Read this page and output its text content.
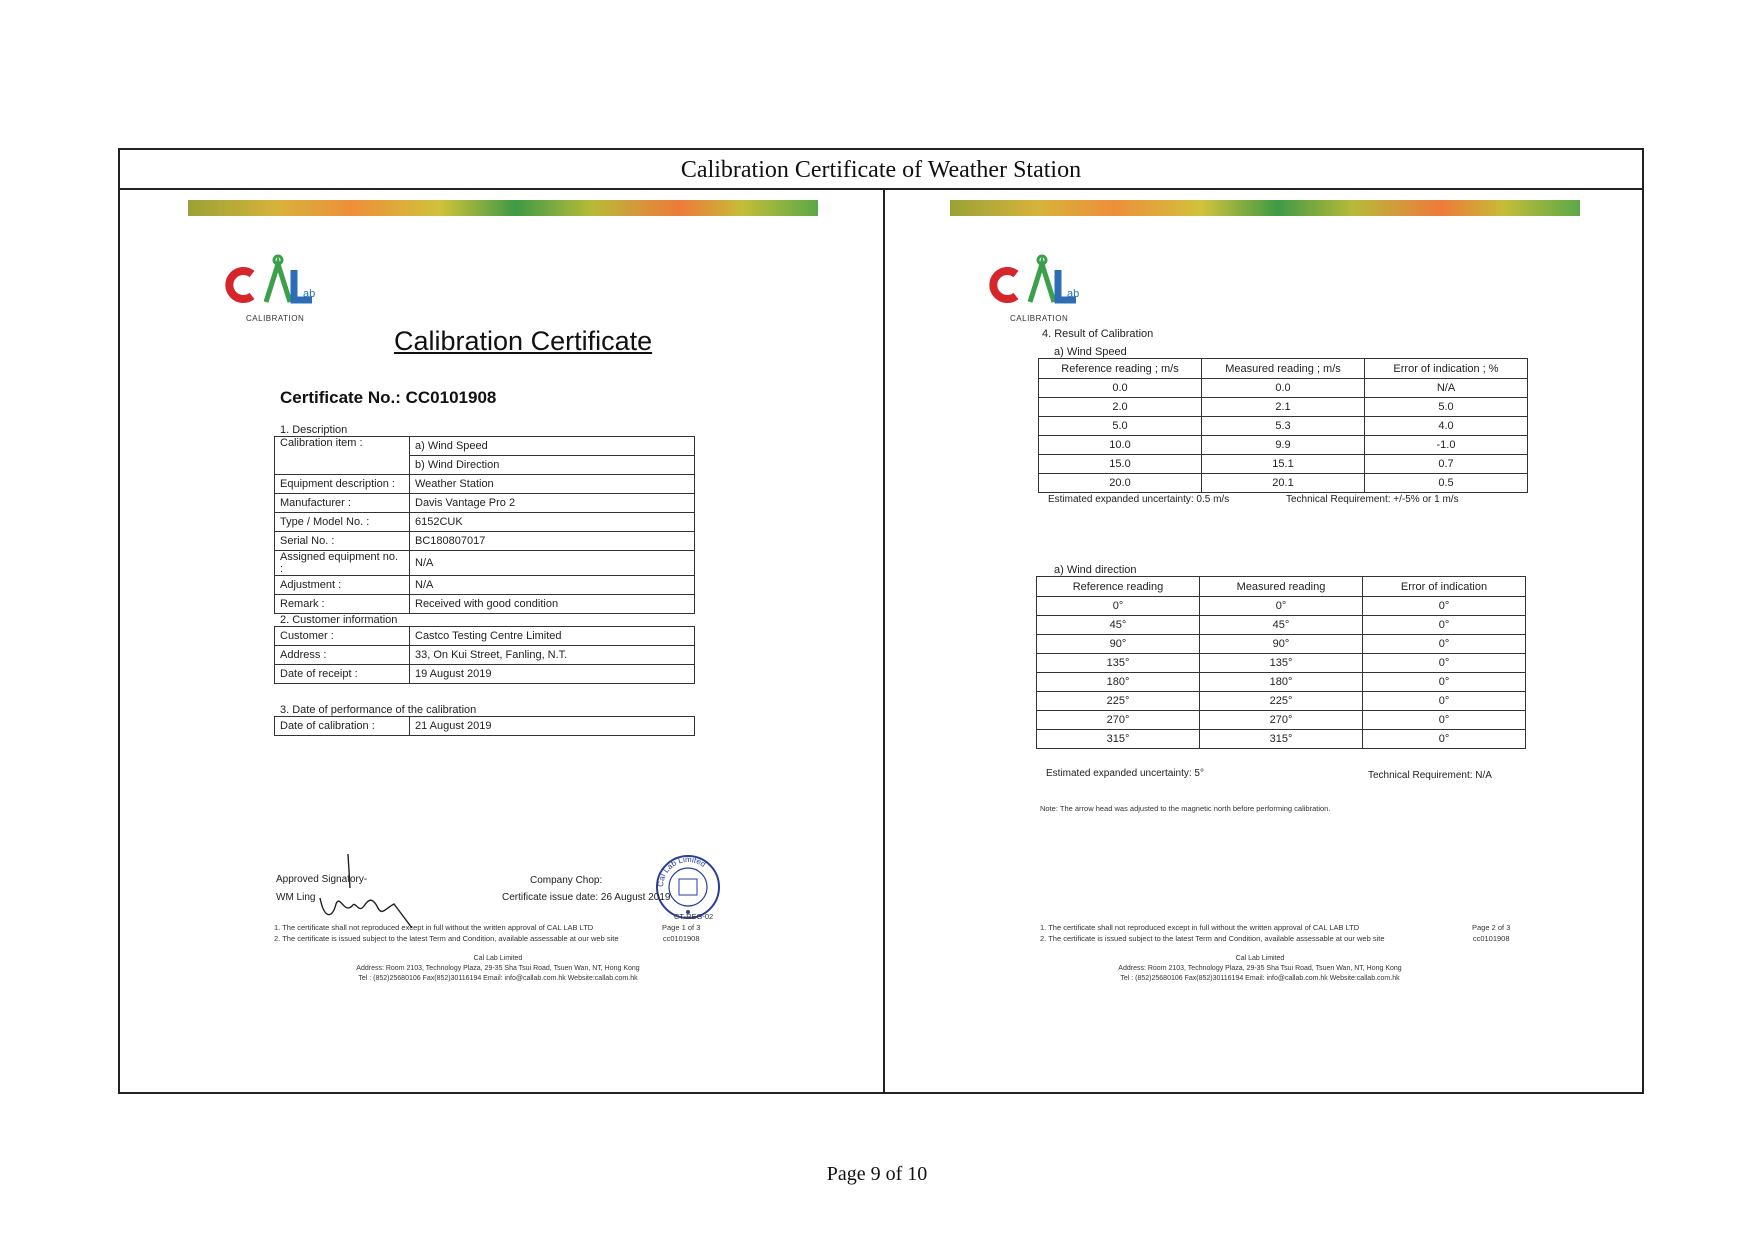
Calibration Certificate of Weather Station
ab
CALIBRATION
Calibration Certificate
Certificate No.: CC0101908
1. Description
Calibration item :	a) Wind Speed
	b) Wind Direction
Equipment description :	Weather Station
Manufacturer :	Davis Vantage Pro 2
Type / Model No. :	6152CUK
Serial No. :	BC180807017
Assigned equipment no. :	N/A
Adjustment :	N/A
Remark :	Received with good condition
2. Customer information
Customer :	Castco Testing Centre Limited
Address :	33, On Kui Street, Fanling, N.T.
Date of receipt :	19 August 2019
3. Date of performance of the calibration
Date of calibration :	21 August 2019
Cal Lab Limited
Approved Signatory-
WM Ling
Company Chop:
Certificate issue date: 26 August 2019
CT-REG-02
1. The certificate shall not reproduced except in full without the written approval of CAL LAB LTD
2. The certificate is issued subject to the latest Term and Condition, available assessable at our web site
Page 1 of 3
cc0101908
Cal Lab Limited
Address: Room 2103, Technology Plaza, 29-35 Sha Tsui Road, Tsuen Wan, NT, Hong Kong
Tel : (852)25680106 Fax(852)30116194 Email: info@callab.com.hk Website:callab.com.hk
ab
CALIBRATION
4. Result of Calibration
a) Wind Speed
Reference reading ; m/s	Measured reading ; m/s	Error of indication ; %
0.0	0.0	N/A
2.0	2.1	5.0
5.0	5.3	4.0
10.0	9.9	-1.0
15.0	15.1	0.7
20.0	20.1	0.5
Estimated expanded uncertainty: 0.5 m/s	Technical Requirement: +/-5% or 1 m/s
a) Wind direction
Reference reading	Measured reading	Error of indication
0°	0°	0°
45°	45°	0°
90°	90°	0°
135°	135°	0°
180°	180°	0°
225°	225°	0°
270°	270°	0°
315°	315°	0°
Estimated expanded uncertainty: 5°	Technical Requirement: N/A
Note: The arrow head was adjusted to the magnetic north before performing calibration.
1. The certificate shall not reproduced except in full without the written approval of CAL LAB LTD
2. The certificate is issued subject to the latest Term and Condition, available assessable at our web site
Page 2 of 3
cc0101908
Cal Lab Limited
Address: Room 2103, Technology Plaza, 29-35 Sha Tsui Road, Tsuen Wan, NT, Hong Kong
Tel : (852)25680106 Fax(852)30116194 Email: info@callab.com.hk Website:callab.com.hk
Page 9 of 10
